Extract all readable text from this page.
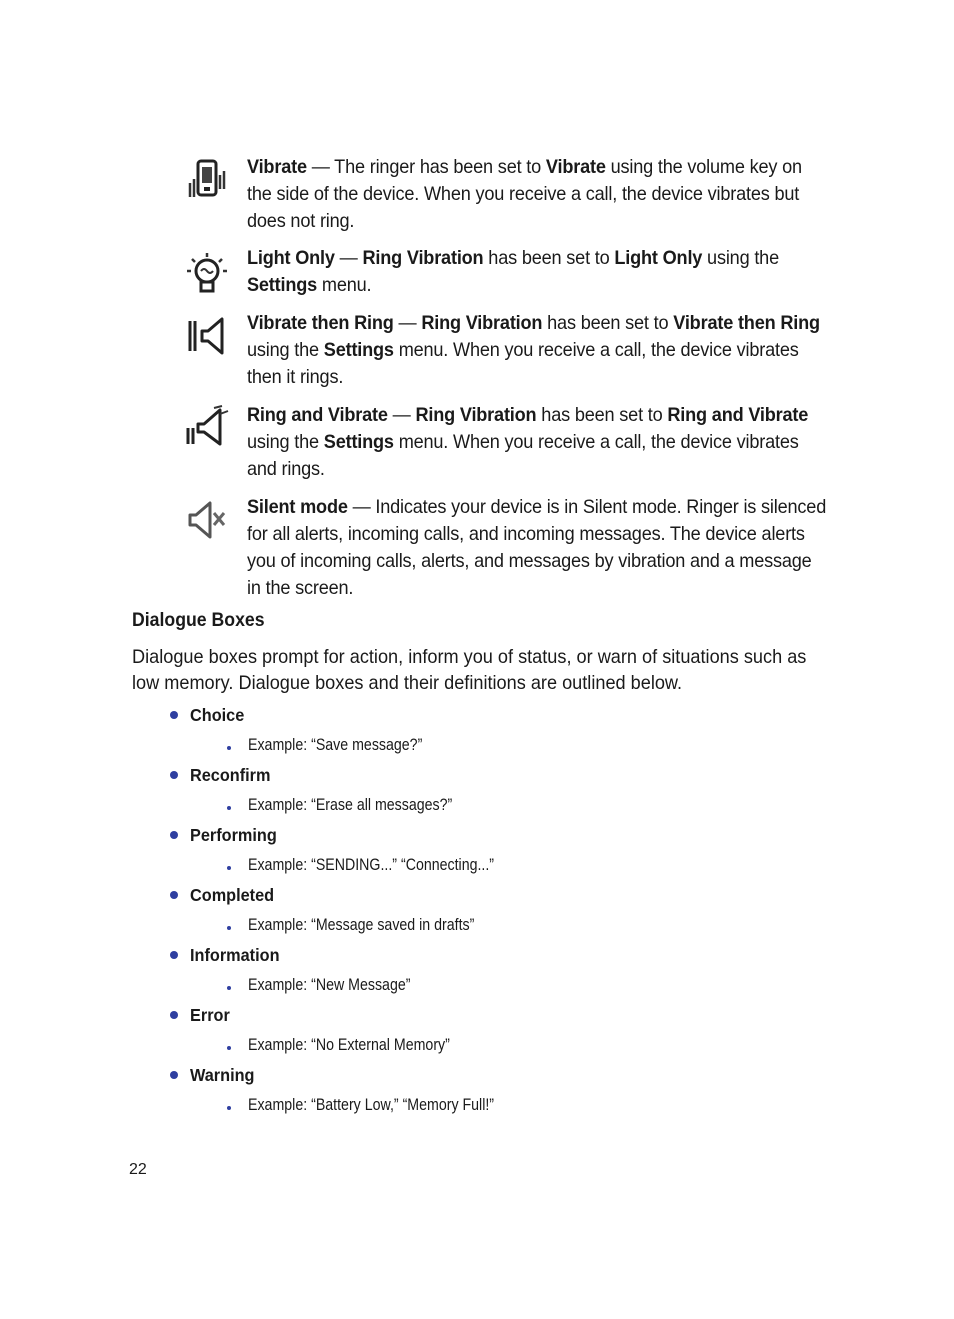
Vibrate — The ringer has been set to Vibrate using the volume key on the side of the device. When you receive a call, the device vibrates but does not ring.
Light Only — Ring Vibration has been set to Light Only using the Settings menu.
Vibrate then Ring — Ring Vibration has been set to Vibrate then Ring using the Settings menu. When you receive a call, the device vibrates then it rings.
Ring and Vibrate — Ring Vibration has been set to Ring and Vibrate using the Settings menu. When you receive a call, the device vibrates and rings.
Silent mode — Indicates your device is in Silent mode. Ringer is silenced for all alerts, incoming calls, and incoming messages. The device alerts you of incoming calls, alerts, and messages by vibration and a message in the screen.
Dialogue Boxes
Dialogue boxes prompt for action, inform you of status, or warn of situations such as low memory. Dialogue boxes and their definitions are outlined below.
Choice
Example: “Save message?”
Reconfirm
Example: “Erase all messages?”
Performing
Example: “SENDING...” “Connecting...”
Completed
Example: “Message saved in drafts”
Information
Example: “New Message”
Error
Example: “No External Memory”
Warning
Example: “Battery Low,” “Memory Full!”
22
